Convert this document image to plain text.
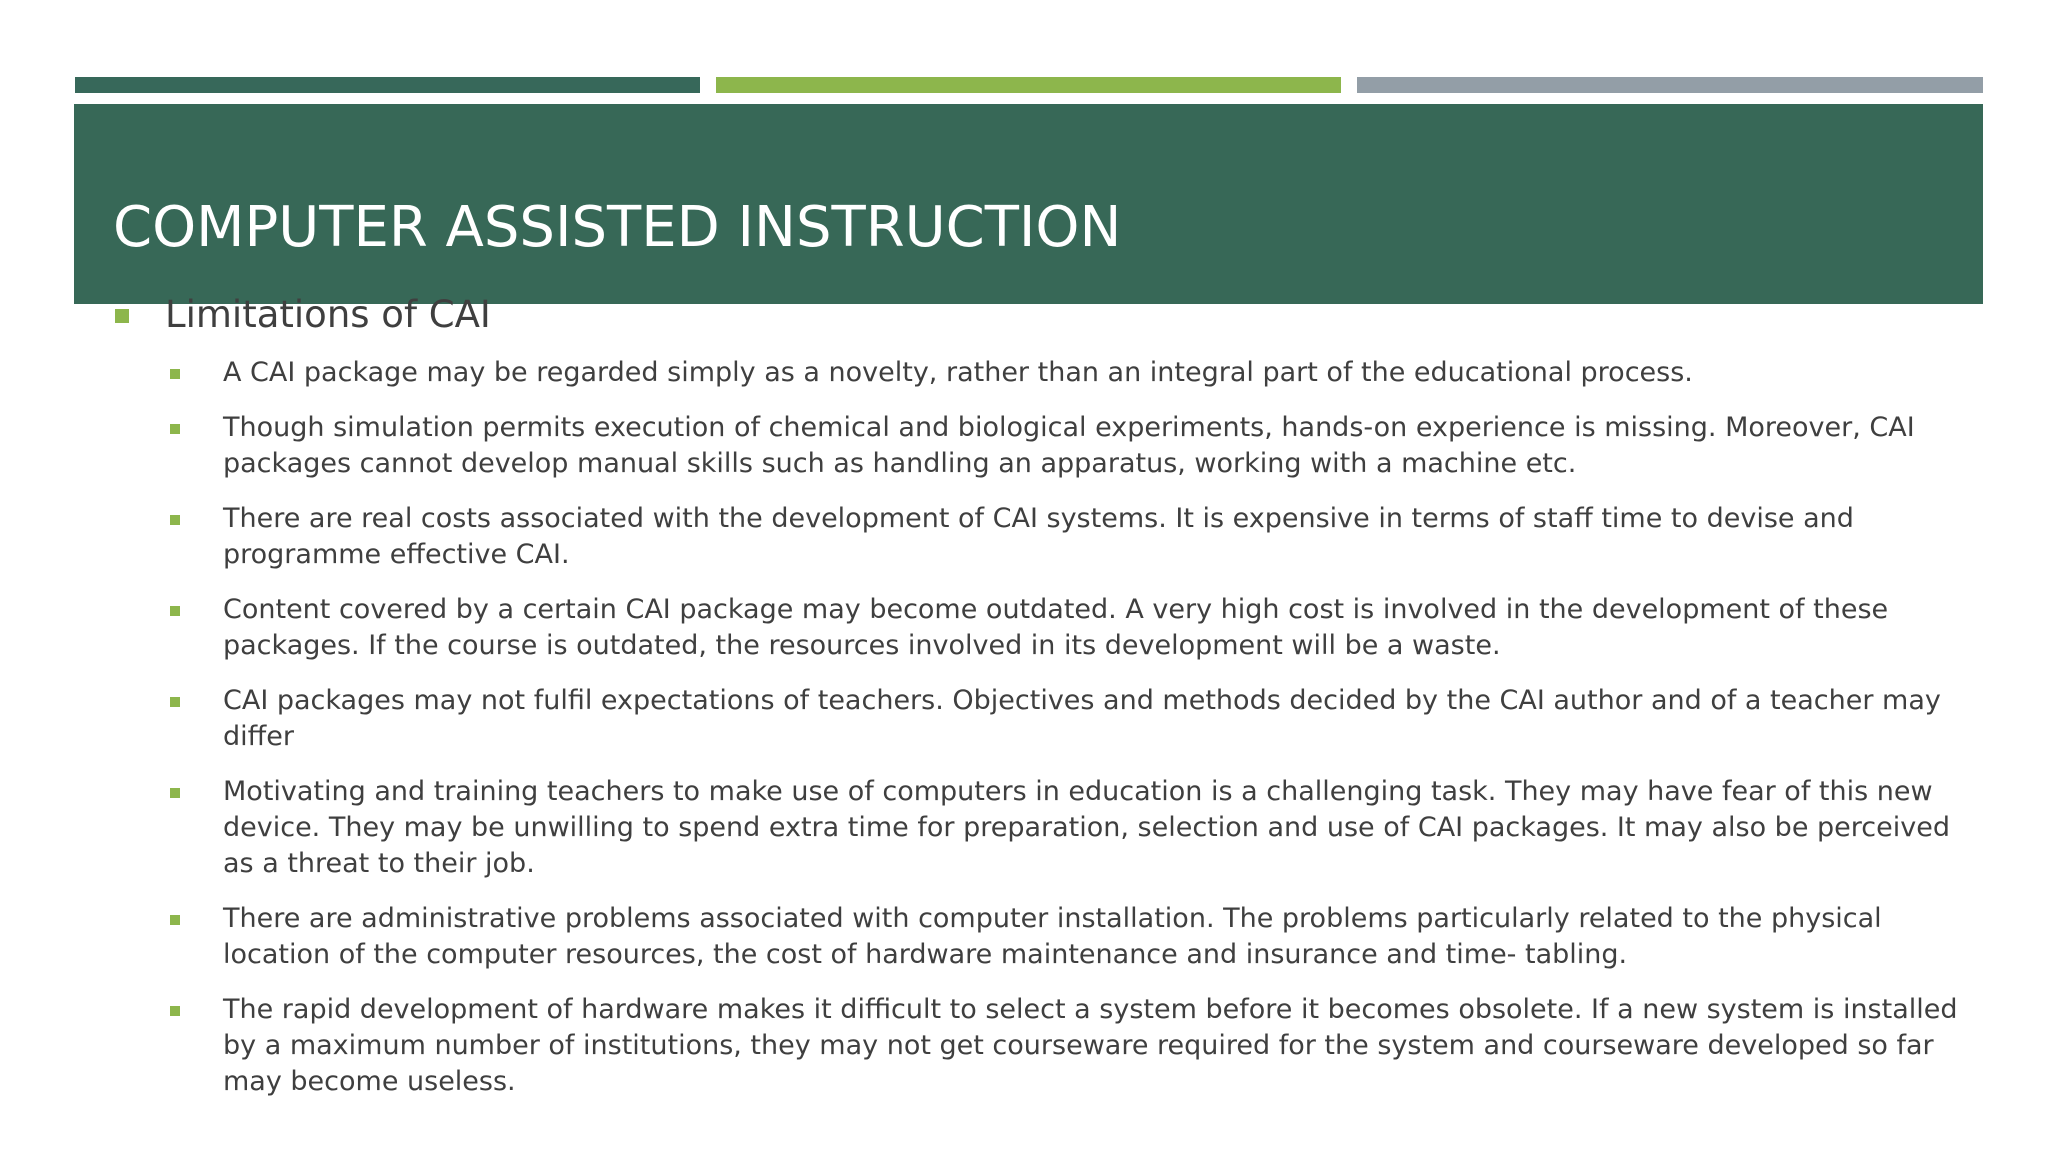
COMPUTER ASSISTED INSTRUCTION
Limitations of CAI
A CAI package may be regarded simply as a novelty, rather than an integral part of the educational process.
Though simulation permits execution of chemical and biological experiments, hands-on experience is missing. Moreover, CAI packages cannot develop manual skills such as handling an apparatus, working with a machine etc.
There are real costs associated with the development of CAI systems. It is expensive in terms of staff time to devise and programme effective CAI.
Content covered by a certain CAI package may become outdated. A very high cost is involved in the development of these packages. If the course is outdated, the resources involved in its development will be a waste.
CAI packages may not fulfil expectations of teachers. Objectives and methods decided by the CAI author and of a teacher may differ
Motivating and training teachers to make use of computers in education is a challenging task. They may have fear of this new device. They may be unwilling to spend extra time for preparation, selection and use of CAI packages. It may also be perceived as a threat to their job.
There are administrative problems associated with computer installation. The problems particularly related to the physical location of the computer resources, the cost of hardware maintenance and insurance and time- tabling.
The rapid development of hardware makes it difficult to select a system before it becomes obsolete. If a new system is installed by a maximum number of institutions, they may not get courseware required for the system and courseware developed so far may become useless.
